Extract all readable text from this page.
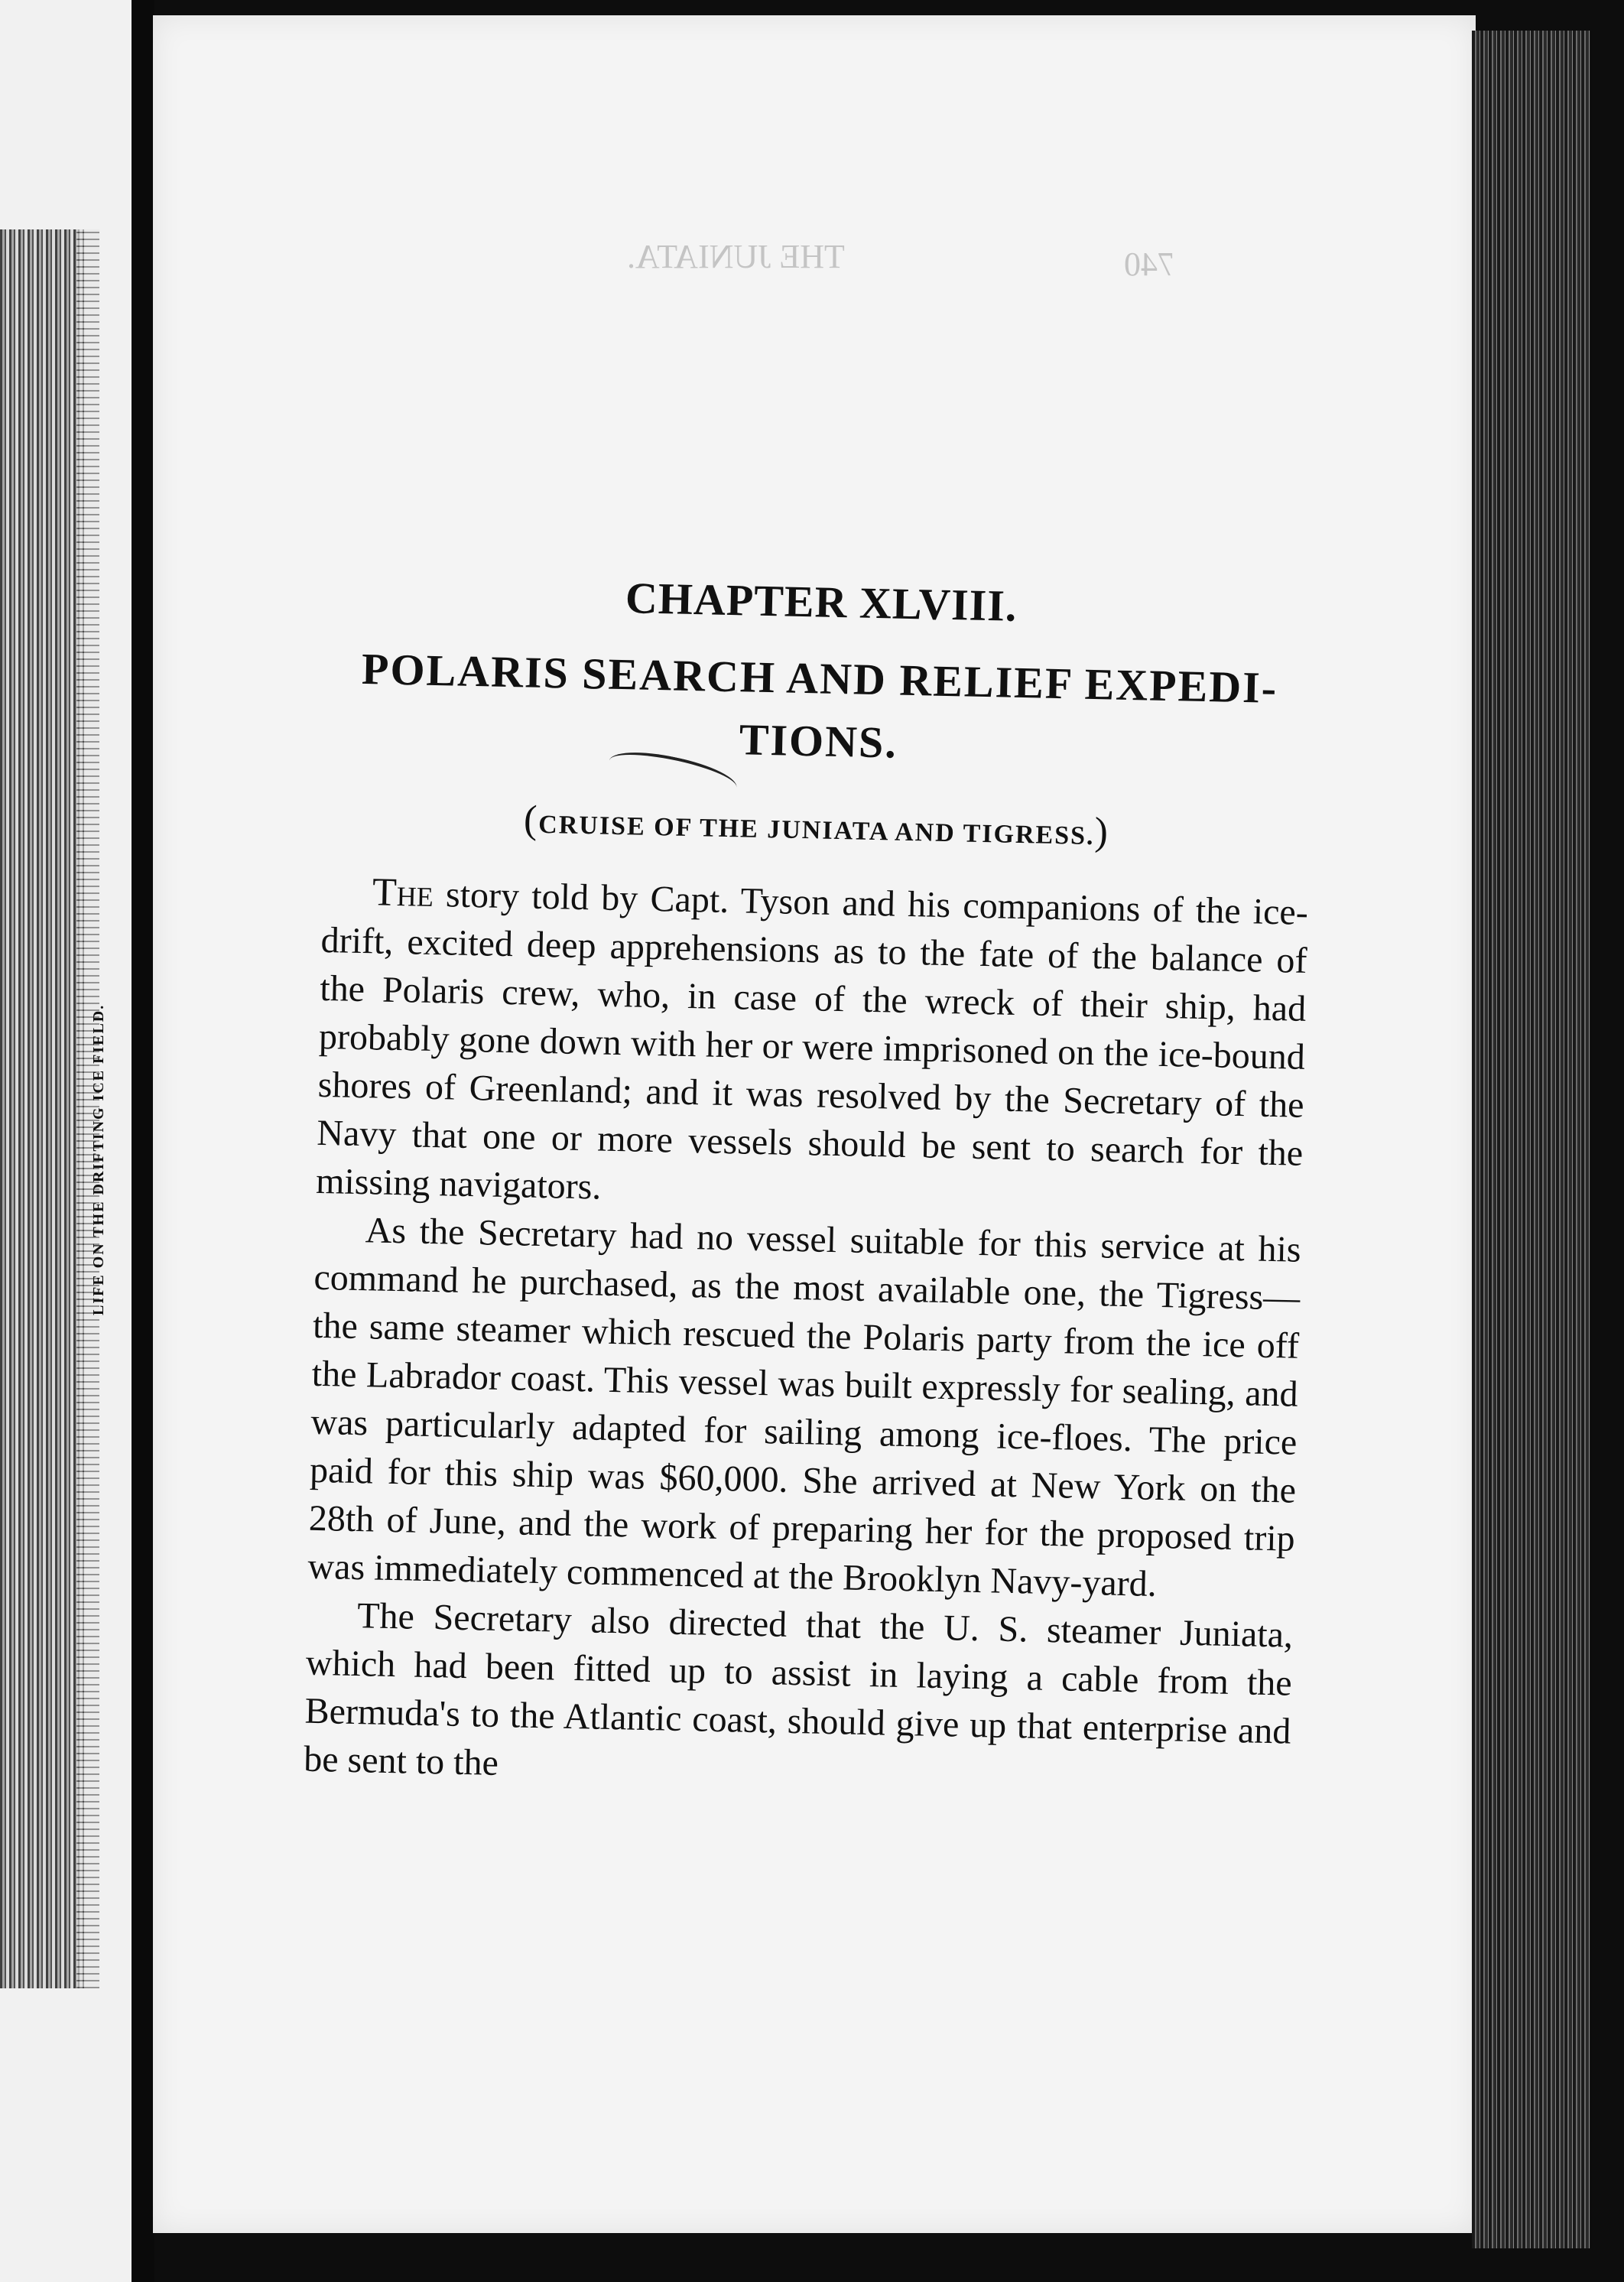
LIFE ON THE DRIFTING ICE FIELD.
740
THE JUNIATA.
CHAPTER XLVIII.
POLARIS SEARCH AND RELIEF EXPEDI-
TIONS.
(CRUISE OF THE JUNIATA AND TIGRESS.)

The story told by Capt. Tyson and his companions of the ice-drift, excited deep apprehensions as to the fate of the balance of the Polaris crew, who, in case of the wreck of their ship, had probably gone down with her or were imprisoned on the ice-bound shores of Greenland; and it was resolved by the Secretary of the Navy that one or more vessels should be sent to search for the missing navigators.

As the Secretary had no vessel suitable for this service at his command he purchased, as the most available one, the Tigress—the same steamer which rescued the Polaris party from the ice off the Labrador coast. This vessel was built expressly for sealing, and was particularly adapted for sailing among ice-floes. The price paid for this ship was $60,000. She arrived at New York on the 28th of June, and the work of preparing her for the proposed trip was immediately commenced at the Brooklyn Navy-yard.

The Secretary also directed that the U. S. steamer Juniata, which had been fitted up to assist in laying a cable from the Bermuda's to the Atlantic coast, should give up that enterprise and be sent to the
